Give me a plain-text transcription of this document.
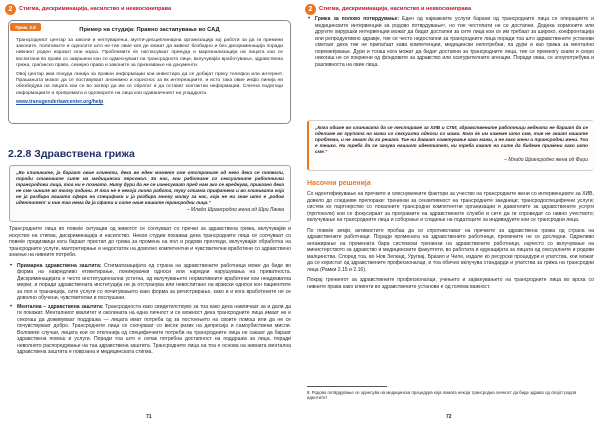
2	Стигма, дискриминација, насилство и неквоскниправа
Пример на студија: Правно застапување во САД
Трансродниот центар за закони и неглуварења, мулти-дисциплинарна организација кој работи за да ги премини законите, политиките и односите што нe-тие овие кое дe можат да живеат безбедно и без дискриминација поради нивниот роден изразит или израз. Проблемите ќе нагласуваат принуда и маргинализација на лицата кои се воспитани во прави со завршени кон се одмеснуваат на трансродното лице, вклучувајќи вработување, здравствена грижа, граѓанско право, семејно право и законите за признавање на документи.
Овој центар има понуда линија за правни информации кои инвестира да се добијат преку телефон или интернет. Прашањата можат да се поставуваат анонимно и кориснос за вк интернациите, и исто така овие инфо линија ни обезбедува на лицата кои се во затвор да им се обратат и да остават контактни информации. Слична податоци информациите и припремата и одговорите на лица кои одзваничниот на уладдката.
www.transgenderlawcenter.org/help
Прим. 2.8
2.2.8 Здравствена грижа
„Во клиниките, ја бараат овие клиенти, дека во еден момент сме отстраниле од него дека се потегли, поради ставовите сите на медицински персонал. За нас, кои работиме со сексуалните работнички трансродови лица, тоа ни е познато. Ниту дури да не се изнесуваат пред нам ако се вреднува, приказно дека не сме чиниле во толку години. И тоа не е некоја лична работа, туку стигма прифатена и во клиниката која не ја разбира нашата сфера на специфики и ја разбира многу малку за нас, која не ни знае што е ‚родов идентитет‘ и ние таа нема да ја сфати и сите овие нашите трансродни лица.“
– Младо Шрансродно жена од Шри Ланка
Трансродните лица во повеќе ситуации од животот се соочуваат со пречки за здравствена грижа, вклучувајќи и искуство на стигма, дискриминација и насилство. Некои студии покажаа дека трансродните лица се соочуваат со повеќе предизвици кога бараат пристап до грижа за промена на пол и родови прегледи, вклучувајќи обработка на трансродните услуги, малтретирање и недостаток на доволно компетентни и чувствителни вработени со здравствено знаење на нивните потреби.
• Примарна здравствена заштита: Стигматизацијата од страна на здравствените работници може да биде во форма на навредливо етикетирање, понижувачки односи или наредни нарушувања на приватноста. Дискриминацијата е често институционална устегна, од вклучувањето нормативните вработени кои неадекватна мерки, и поради здравствената институција не ја отстранува или невоспитано на врзиски односи кон пациентите за пол и транзиција, сите услуги со почитувањето како форма за регистрирање, како и и кога вработените не се доволно обучени, чувствителни и послушани.
• Ментална – здравствена заштита: Трансродноста како свидетелствуво за тоа како дека навличаат за и дали да ги покажат. Менталниот квалитет и околината на една личност и се можност дека трансродните лица имаат не е секогаш да доживуваат поддршка — лицата имат потреба од за постоењето на своите помош или да не се почувствуваат добро. Трансродните лица се соочуваат со висок ризик на депресија и самоубиствени мисли. Воловеќе случаи, лицата кои се отклонија од специфичните потреби на трансродните лица не сакаат да бараат здравствена помош и услуги. Поради тоа што е сепак потребна достапност на поддршка за лица, поради неволното распоредување на таа здравствена заштита. Трансродните лица на тоа е основа на нивната ментална здравствена заштита е поврзана и медицинската стигма.
71	72
2	Стигма, дискриминација, насилство и неквоскниправа
• Грижа за полово потврдување: Еден од најважните услуги барани од трансродните лица се операциите и медицинските интервенции за родово потврдување⁸, но тие честопати не се достапни. Додека хормоните или другите хируршки интервенции можат да бидат достапни за сите лица кои се им требаат за широко, конфронтација или репродуктивно здравје, тие се често недостапни за трансродните лица поради тоа што здравствените установи сметаат дека тие не припаѓаат кава компетенции, медицински непотребни, па дури и као грижа за ментално поремеќување. Дури и тогаш кога можат да бидат достапни за трансродните лица, тие се премногу скапи и скоро никогаш не се покриени од фондовите за здравство или осигурителните агенции. Поради оваа, се злоупотребува и разливноста на овие лица.
„Кога одиме во клиниката да се тестираме за ХИВ и СПИ, здравствените работници ведната нe бараат да се оделиме во групата на мажи со сексуални односи со мажи. Кога ќе им кажеме што сме, тие не знаат нашите проблеми, и не знаат да ги решат. Тие ни даваат советување како мажи, а не како жени и трансродни жени. Тоа е тешко. Ни треба да се зачува нашиот идентитет, ни треба кажат на сите да бидеме примени како што сме.“
– Младо Шрансродно жена од Фиџи
Насочни решенија
Со идентификување на пречките и олеснувачките фактори за учество на трансродните жени со интервенциите за ХИВ, довело до следниве препораки: тренинзи за сензитивност на трансродните заедници; трансродоспецифични услуги; систем ко партнерство со локалните трансродни компетентни организации и давателите за здравствените услуги (протоколи) кои се фокусираат за програмите на здравствените служби и сите да ги спроведат со нивно учеството; вклучување на трансродните лица и соборање и сладење на податоците за индивидуите кои се трансродни лица.
По повеќе земји, активистите пробаа да се спротивстават на пречките за здравствена грижа од страна на здравствените работници. Поради промената на здравствените работници, промените не се доследни. Одржливо ангажирање на промената бара системски тренинзи на здравствените работници, најчесто со вклучување на министерството за здравство и медицинските факултети, во работата и едукацијата за лицата од сексуалните и родови малцинства. Според тоа, во Нов Зеланд, Уругвај, Бразил и Чиле, издале ко ресурски процедури и упатства, кои можат да се користат од здравствените професионалци, и тоа обично вклучува стандарди и упатства за грижа на трансродни лица (Рамки 2.15 и 2.16).
Покрај тренингот за здравствените професионалци, учењето и зајакнувањето на трансродните лица во врска со нивните права како клиенти во здравствените установи е од голема важност.
8. Родово потврдување се однесува на медицинска процедура која помага некоја трансродна личност да биде здраво од својот родов идентитет
